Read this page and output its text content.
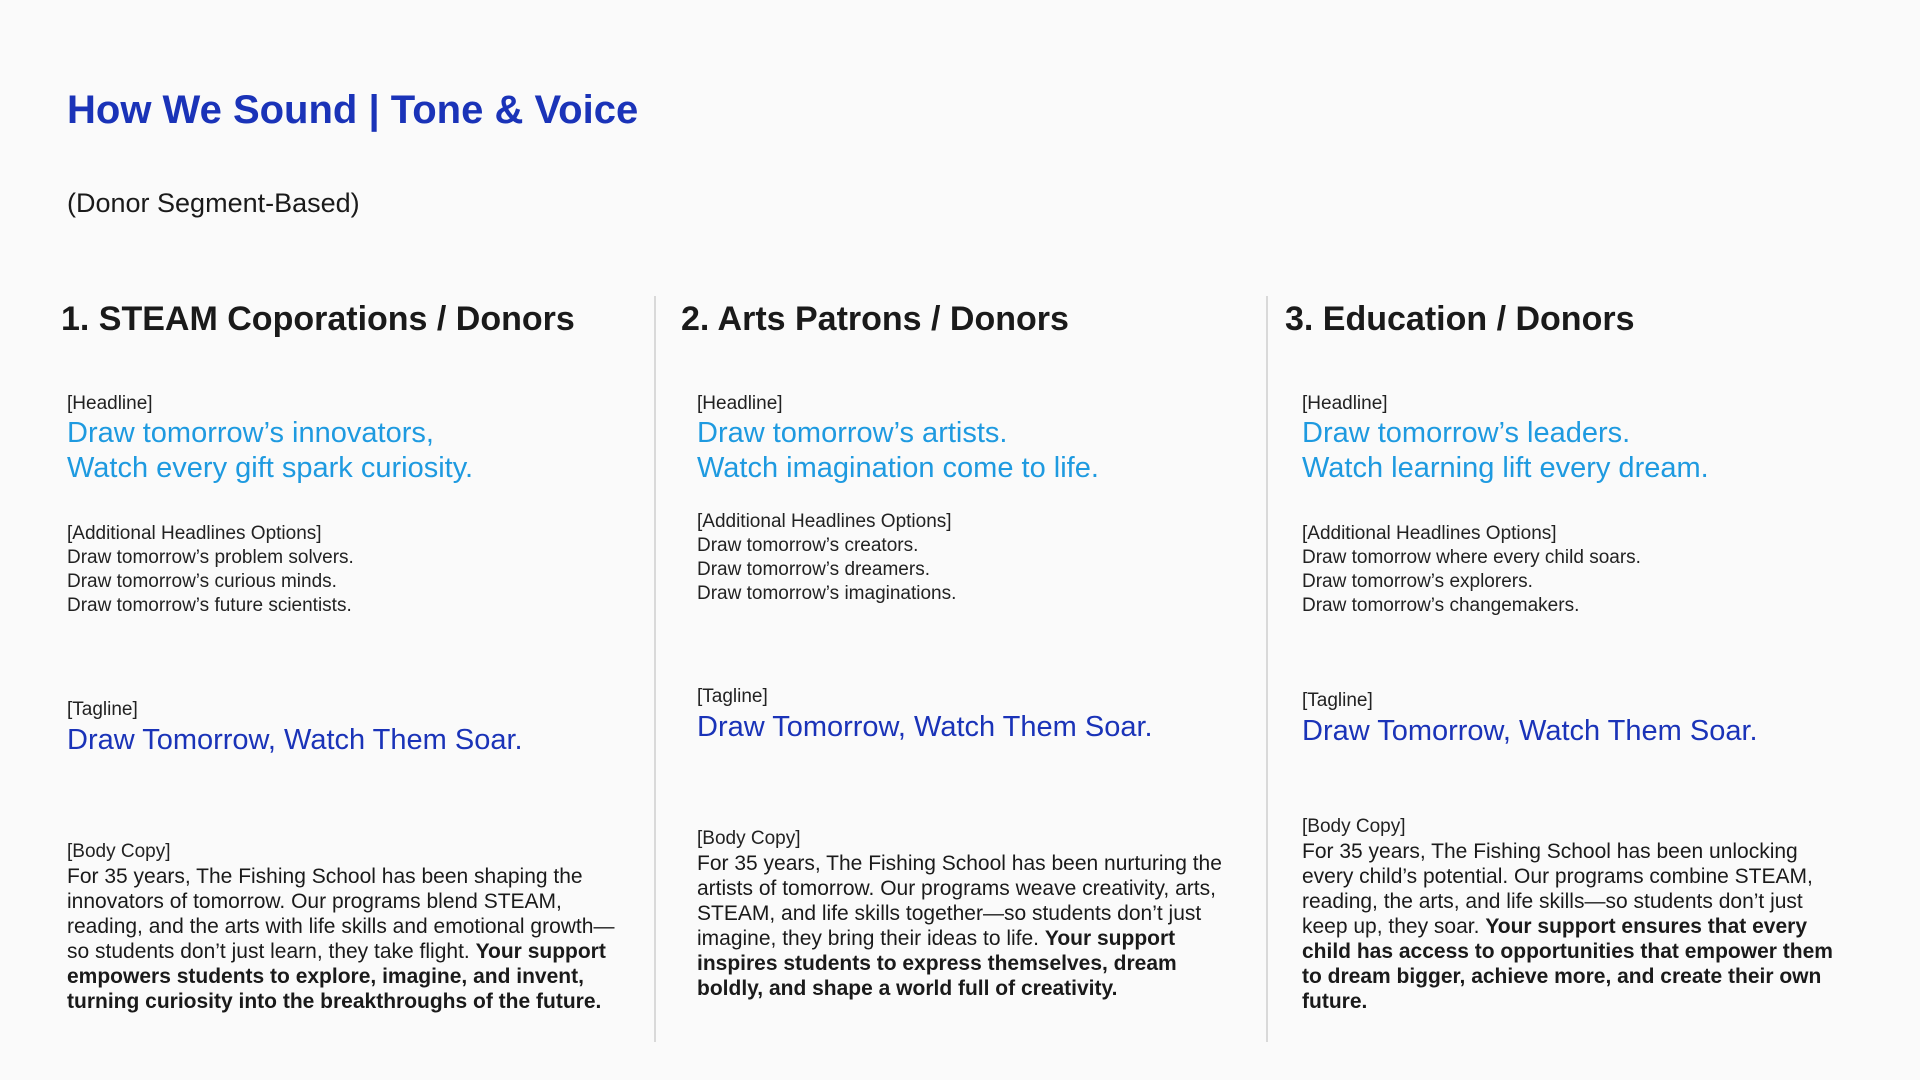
How We Sound | Tone & Voice
(Donor Segment-Based)
1. STEAM Coporations / Donors
[Headline]
Draw tomorrow’s innovators,
Watch every gift spark curiosity.
[Additional Headlines Options]
Draw tomorrow’s problem solvers.
Draw tomorrow’s curious minds.
Draw tomorrow’s future scientists.
[Tagline]
Draw Tomorrow, Watch Them Soar.
[Body Copy]
For 35 years, The Fishing School has been shaping the innovators of tomorrow. Our programs blend STEAM, reading, and the arts with life skills and emotional growth—so students don’t just learn, they take flight. Your support empowers students to explore, imagine, and invent, turning curiosity into the breakthroughs of the future.
2. Arts Patrons / Donors
[Headline]
Draw tomorrow’s artists.
Watch imagination come to life.
[Additional Headlines Options]
Draw tomorrow’s creators.
Draw tomorrow’s dreamers.
Draw tomorrow’s imaginations.
[Tagline]
Draw Tomorrow, Watch Them Soar.
[Body Copy]
For 35 years, The Fishing School has been nurturing the artists of tomorrow. Our programs weave creativity, arts, STEAM, and life skills together—so students don’t just imagine, they bring their ideas to life. Your support inspires students to express themselves, dream boldly, and shape a world full of creativity.
3. Education / Donors
[Headline]
Draw tomorrow’s leaders.
Watch learning lift every dream.
[Additional Headlines Options]
Draw tomorrow where every child soars.
Draw tomorrow’s explorers.
Draw tomorrow’s changemakers.
[Tagline]
Draw Tomorrow, Watch Them Soar.
[Body Copy]
For 35 years, The Fishing School has been unlocking every child’s potential. Our programs combine STEAM, reading, the arts, and life skills—so students don’t just keep up, they soar. Your support ensures that every child has access to opportunities that empower them to dream bigger, achieve more, and create their own future.
